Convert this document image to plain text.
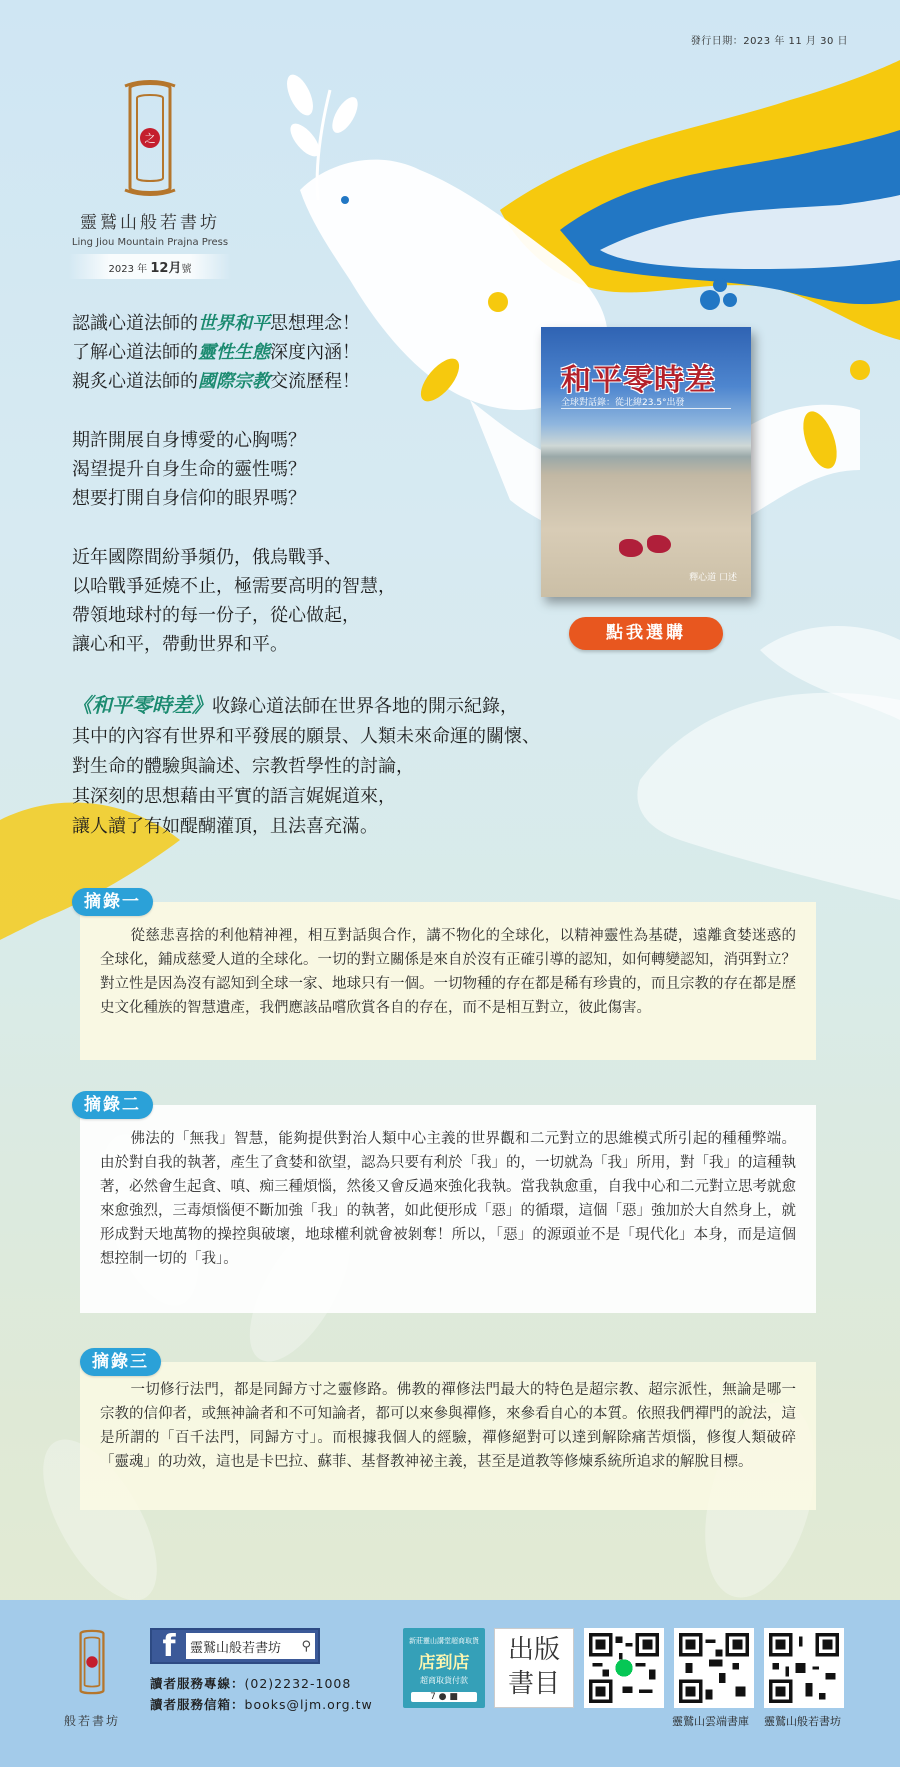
發行日期：2023 年 11 月 30 日
之
靈鷲山般若書坊
Ling Jiou Mountain Prajna Press
2023 年 12月號

認識心道法師的世界和平思想理念！
了解心道法師的靈性生態深度內涵！
親炙心道法師的國際宗教交流歷程！

期許開展自身博愛的心胸嗎？
渴望提升自身生命的靈性嗎？
想要打開自身信仰的眼界嗎？

近年國際間紛爭頻仍，俄烏戰爭、
以哈戰爭延燒不止，極需要高明的智慧，
帶領地球村的每一份子，從心做起，
讓心和平，帶動世界和平。

和平零時差
全球對話錄：從北緯23.5°出發
釋心道 口述
點我選購
《和平零時差》收錄心道法師在世界各地的開示紀錄，
其中的內容有世界和平發展的願景、人類未來命運的關懷、
對生命的體驗與論述、宗教哲學性的討論，
其深刻的思想藉由平實的語言娓娓道來，
讓人讀了有如醍醐灌頂，且法喜充滿。
從慈悲喜捨的利他精神裡，相互對話與合作，講不物化的全球化，以精神靈性為基礎，遠離貪婪迷惑的全球化，鋪成慈愛人道的全球化。一切的對立關係是來自於沒有正確引導的認知，如何轉變認知，消弭對立？對立性是因為沒有認知到全球一家、地球只有一個。一切物種的存在都是稀有珍貴的，而且宗教的存在都是歷史文化種族的智慧遺產，我們應該品嚐欣賞各自的存在，而不是相互對立，彼此傷害。
摘錄一
佛法的「無我」智慧，能夠提供對治人類中心主義的世界觀和二元對立的思維模式所引起的種種弊端。由於對自我的執著，產生了貪婪和欲望，認為只要有利於「我」的，一切就為「我」所用，對「我」的這種執著，必然會生起貪、嗔、痴三種煩惱，然後又會反過來強化我執。當我執愈重，自我中心和二元對立思考就愈來愈強烈，三毒煩惱便不斷加強「我」的執著，如此便形成「惡」的循環，這個「惡」強加於大自然身上，就形成對天地萬物的操控與破壞，地球權利就會被剝奪！所以，「惡」的源頭並不是「現代化」本身，而是這個想控制一切的「我」。
摘錄二
一切修行法門，都是同歸方寸之靈修路。佛教的禪修法門最大的特色是超宗教、超宗派性，無論是哪一宗教的信仰者，或無神論者和不可知論者，都可以來參與禪修，來參看自心的本質。依照我們禪門的說法，這是所謂的「百千法門，同歸方寸」。而根據我個人的經驗，禪修絕對可以達到解除痛苦煩惱，修復人類破碎「靈魂」的功效，這也是卡巴拉、蘇菲、基督教神祕主義，甚至是道教等修煉系統所追求的解脫目標。
摘錄三
般若書坊
f	靈鷲山般若書坊 ⚲
讀者服務專線：(02)2232-1008
讀者服務信箱：books@ljm.org.tw
新莊靈山講堂超商取貨
店到店
超商取貨付款
7 ● ■
出版
書目
靈鷲山雲端書庫 靈鷲山般若書坊
